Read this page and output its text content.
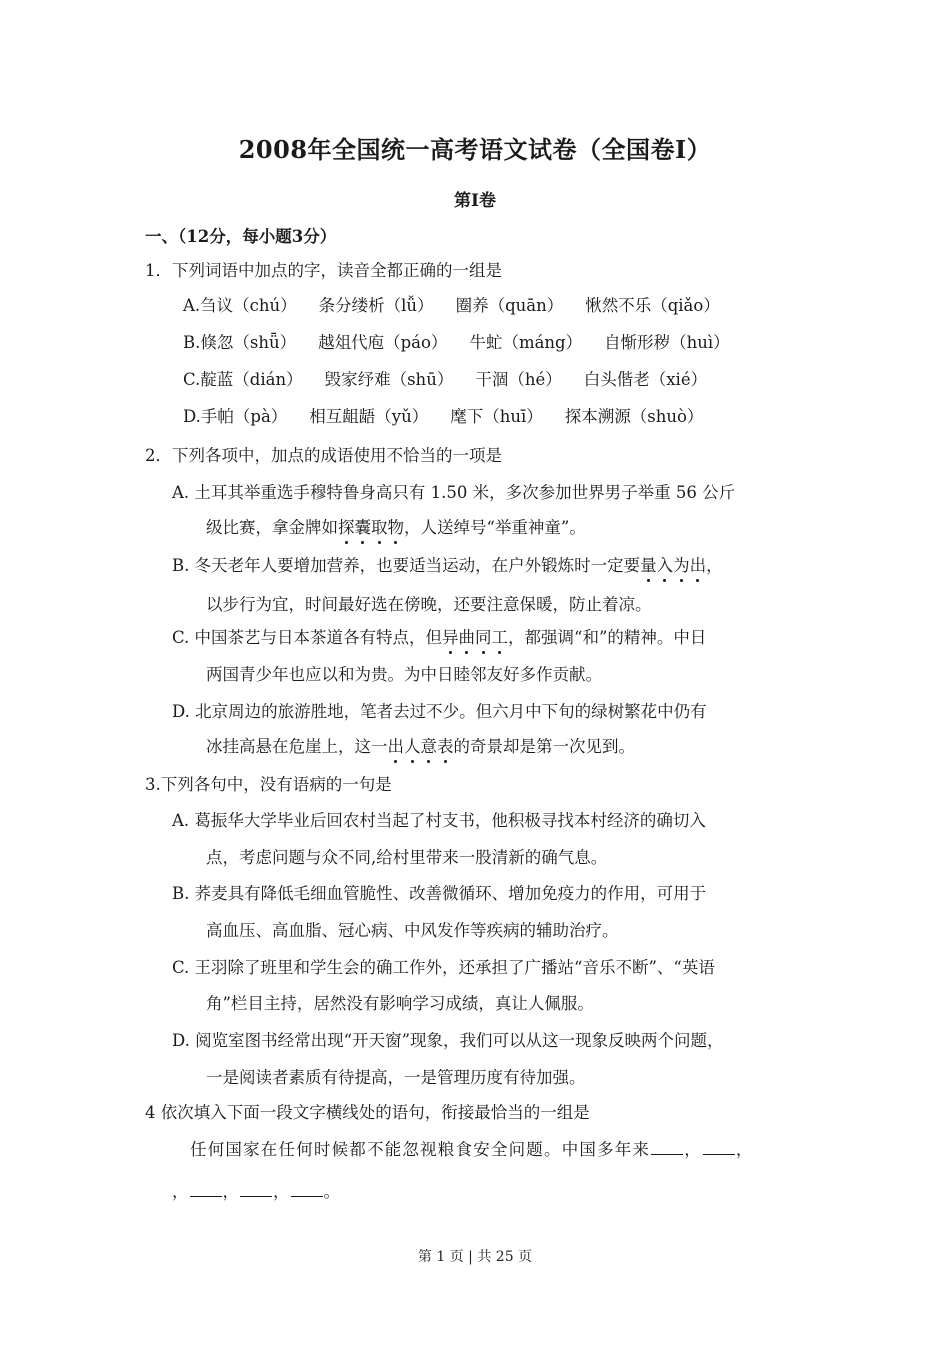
2008年全国统一高考语文试卷（全国卷Ⅰ）
第Ⅰ卷
一、（12分，每小题3分）
1．下列词语中加点的字，读音全都正确的一组是
A.刍议（chú） 条分缕析（lǚ） 圈养（quān） 愀然不乐（qiǎo）
B.倏忽（shǖ） 越俎代庖（páo） 牛虻（máng） 自惭形秽（huì）
C.靛蓝（dián） 毁家纾难（shū） 干涸（hé） 白头偕老（xié）
D.手帕（pà） 相互龃龉（yǔ） 麾下（huī） 探本溯源（shuò）
2．下列各项中，加点的成语使用不恰当的一项是
A. 土耳其举重选手穆特鲁身高只有 1.50 米，多次参加世界男子举重 56 公斤
级比赛，拿金牌如探囊取物，人送绰号“举重神童”。
B. 冬天老年人要增加营养，也要适当运动，在户外锻炼时一定要量入为出，
以步行为宜，时间最好选在傍晚，还要注意保暖，防止着凉。
C. 中国茶艺与日本茶道各有特点，但异曲同工，都强调“和”的精神。中日
两国青少年也应以和为贵。为中日睦邻友好多作贡献。
D. 北京周边的旅游胜地，笔者去过不少。但六月中下旬的绿树繁花中仍有
冰挂高悬在危崖上，这一出人意表的奇景却是第一次见到。
3.下列各句中，没有语病的一句是
A. 葛振华大学毕业后回农村当起了村支书，他积极寻找本村经济的确切入
点，考虑问题与众不同,给村里带来一股清新的确气息。
B. 荞麦具有降低毛细血管脆性、改善微循环、增加免疫力的作用，可用于
高血压、高血脂、冠心病、中风发作等疾病的辅助治疗。
C. 王羽除了班里和学生会的确工作外，还承担了广播站“音乐不断”、“英语
角”栏目主持，居然没有影响学习成绩，真让人佩服。
D. 阅览室图书经常出现“开天窗”现象，我们可以从这一现象反映两个问题，
一是阅读者素质有待提高，一是管理历度有待加强。
4 依次填入下面一段文字横线处的语句，衔接最恰当的一组是
任何国家在任何时候都不能忽视粮食安全问题。中国多年来 ， ，
， ， ， 。
第 1 页 | 共 25 页
